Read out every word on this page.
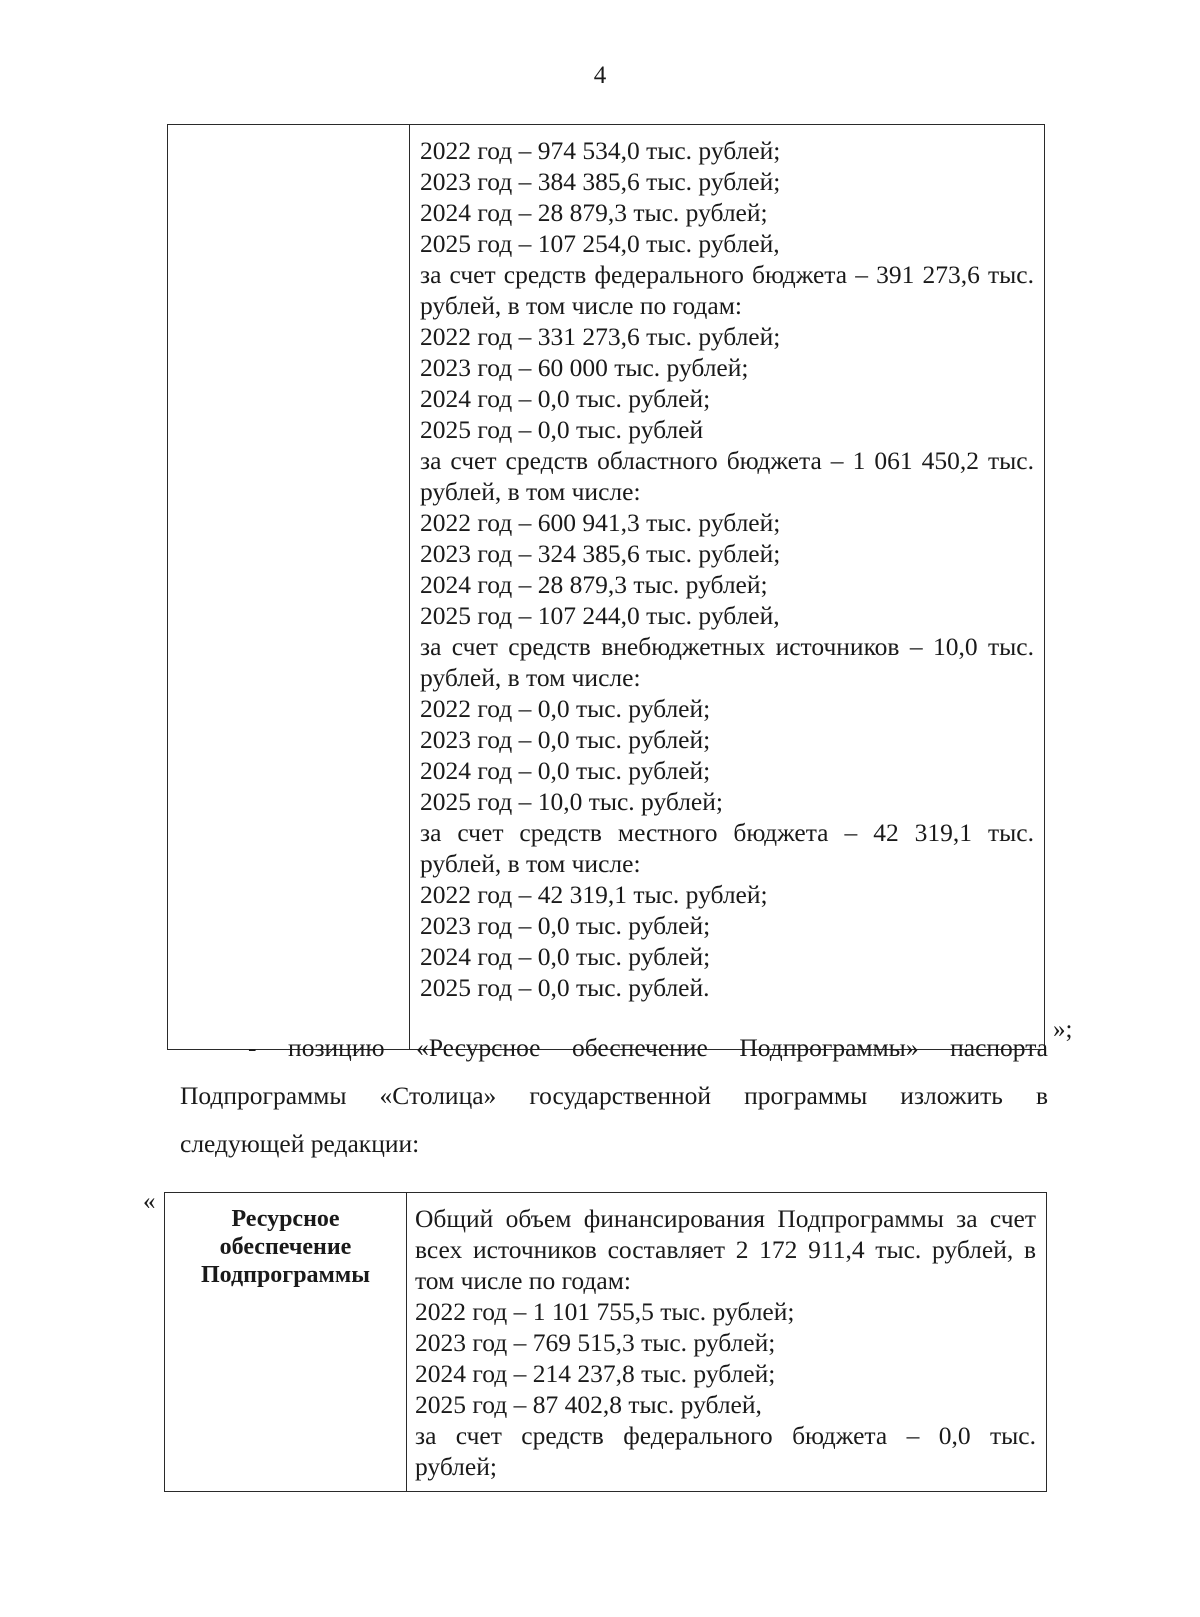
4
2022 год – 974 534,0 тыс. рублей;
2023 год – 384 385,6 тыс. рублей;
2024 год – 28 879,3 тыс. рублей;
2025 год – 107 254,0 тыс. рублей,
за счет средств федерального бюджета – 391 273,6 тыс.
рублей, в том числе по годам:
2022 год – 331 273,6 тыс. рублей;
2023 год – 60 000 тыс. рублей;
2024 год – 0,0 тыс. рублей;
2025 год – 0,0 тыс. рублей
за счет средств областного бюджета – 1 061 450,2 тыс.
рублей, в том числе:
2022 год – 600 941,3 тыс. рублей;
2023 год – 324 385,6 тыс. рублей;
2024 год – 28 879,3 тыс. рублей;
2025 год – 107 244,0 тыс. рублей,
за счет средств внебюджетных источников – 10,0 тыс.
рублей, в том числе:
2022 год – 0,0 тыс. рублей;
2023 год – 0,0 тыс. рублей;
2024 год – 0,0 тыс. рублей;
2025 год – 10,0 тыс. рублей;
за счет средств местного бюджета – 42 319,1 тыс.
рублей, в том числе:
2022 год – 42 319,1 тыс. рублей;
2023 год – 0,0 тыс. рублей;
2024 год – 0,0 тыс. рублей;
2025 год – 0,0 тыс. рублей.
»;
- позицию «Ресурсное обеспечение Подпрограммы» паспорта
Подпрограммы «Столица» государственной программы изложить в
следующей редакции:
«
Ресурсное
обеспечение
Подпрограммы
Общий объем финансирования Подпрограммы за счет
всех источников составляет 2 172 911,4 тыс. рублей, в
том числе по годам:
2022 год – 1 101 755,5 тыс. рублей;
2023 год – 769 515,3 тыс. рублей;
2024 год – 214 237,8 тыс. рублей;
2025 год – 87 402,8 тыс. рублей,
за счет средств федерального бюджета – 0,0 тыс.
рублей;
